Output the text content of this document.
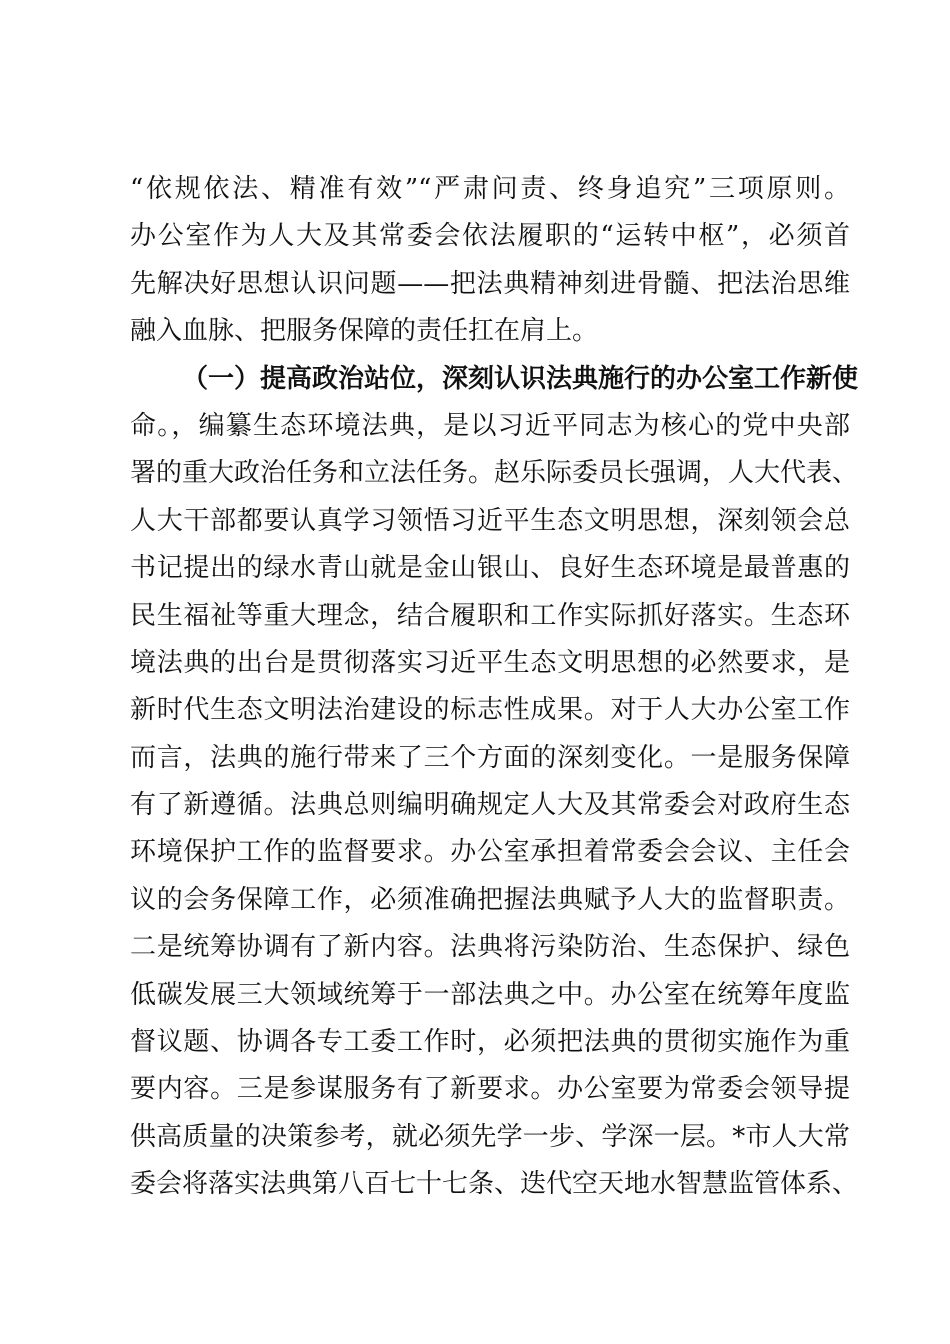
“依规依法、精准有效”“严肃问责、终身追究”三项原则。
办公室作为人大及其常委会依法履职的“运转中枢”，必须首
先解决好思想认识问题——把法典精神刻进骨髓、把法治思维
融入血脉、把服务保障的责任扛在肩上。
（一）提高政治站位，深刻认识法典施行的办公室工作新使
命。，编纂生态环境法典，是以习近平同志为核心的党中央部
署的重大政治任务和立法任务。赵乐际委员长强调，人大代表、
人大干部都要认真学习领悟习近平生态文明思想，深刻领会总
书记提出的绿水青山就是金山银山、良好生态环境是最普惠的
民生福祉等重大理念，结合履职和工作实际抓好落实。生态环
境法典的出台是贯彻落实习近平生态文明思想的必然要求，是
新时代生态文明法治建设的标志性成果。对于人大办公室工作
而言，法典的施行带来了三个方面的深刻变化。一是服务保障
有了新遵循。法典总则编明确规定人大及其常委会对政府生态
环境保护工作的监督要求。办公室承担着常委会会议、主任会
议的会务保障工作，必须准确把握法典赋予人大的监督职责。
二是统筹协调有了新内容。法典将污染防治、生态保护、绿色
低碳发展三大领域统筹于一部法典之中。办公室在统筹年度监
督议题、协调各专工委工作时，必须把法典的贯彻实施作为重
要内容。三是参谋服务有了新要求。办公室要为常委会领导提
供高质量的决策参考，就必须先学一步、学深一层。*市人大常
委会将落实法典第八百七十七条、迭代空天地水智慧监管体系、
